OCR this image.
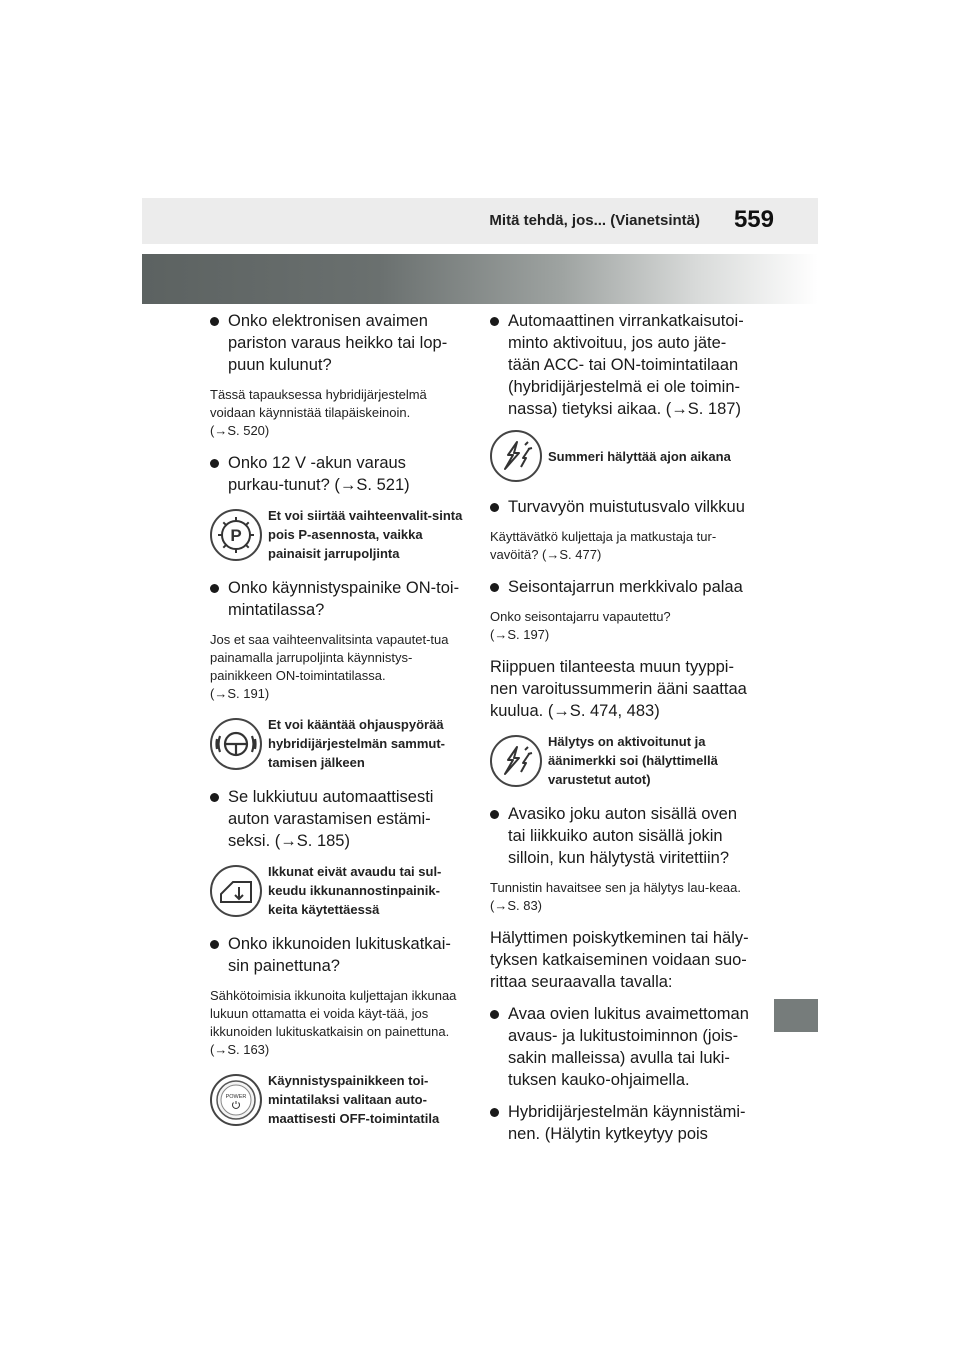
Mitä tehdä, jos... (Vianetsintä) 559
Onko elektronisen avaimen pariston varaus heikko tai lop-puun kulunut?
Tässä tapauksessa hybridijärjestelmä voidaan käynnistää tilapäiskeinoin.
(→S. 520)
Onko 12 V -akun varaus purkau-tunut? (→S. 521)
P
Et voi siirtää vaihteenvalit-sinta pois P-asennosta, vaikka painaisit jarrupoljinta
Onko käynnistyspainike ON-toi-mintatilassa?
Jos et saa vaihteenvalitsinta vapautet-tua painamalla jarrupoljinta käynnistys-painikkeen ON-toimintatilassa.
(→S. 191)
Et voi kääntää ohjauspyörää hybridijärjestelmän sammut-tamisen jälkeen
Se lukkiutuu automaattisesti auton varastamisen estämi-seksi. (→S. 185)
Ikkunat eivät avaudu tai sul-keudu ikkunannostinpainik-keita käytettäessä
Onko ikkunoiden lukituskatkai-sin painettuna?
Sähkötoimisia ikkunoita kuljettajan ikkunaa lukuun ottamatta ei voida käyt-tää, jos ikkunoiden lukituskatkaisin on painettuna. (→S. 163)
POWER
Käynnistyspainikkeen toi-mintatilaksi valitaan auto-maattisesti OFF-toimintatila
Automaattinen virrankatkaisutoi-minto aktivoituu, jos auto jäte-tään ACC- tai ON-toimintatilaan (hybridijärjestelmä ei ole toimin-nassa) tietyksi aikaa. (→S. 187)
Summeri hälyttää ajon aikana
Turvavyön muistutusvalo vilkkuu
Käyttävätkö kuljettaja ja matkustaja tur-vavöitä? (→S. 477)
Seisontajarrun merkkivalo palaa
Onko seisontajarru vapautettu?
(→S. 197)
Riippuen tilanteesta muun tyyppi-nen varoitussummerin ääni saattaa kuulua. (→S. 474, 483)
Hälytys on aktivoitunut ja äänimerkki soi (hälyttimellä varustetut autot)
Avasiko joku auton sisällä oven tai liikkuiko auton sisällä jokin silloin, kun hälytystä viritettiin?
Tunnistin havaitsee sen ja hälytys lau-keaa. (→S. 83)
Hälyttimen poiskytkeminen tai häly-tyksen katkaiseminen voidaan suo-rittaa seuraavalla tavalla:
Avaa ovien lukitus avaimettoman avaus- ja lukitustoiminnon (jois-sakin malleissa) avulla tai luki-tuksen kauko-ohjaimella.
Hybridijärjestelmän käynnistämi-nen. (Hälytin kytkeytyy pois
